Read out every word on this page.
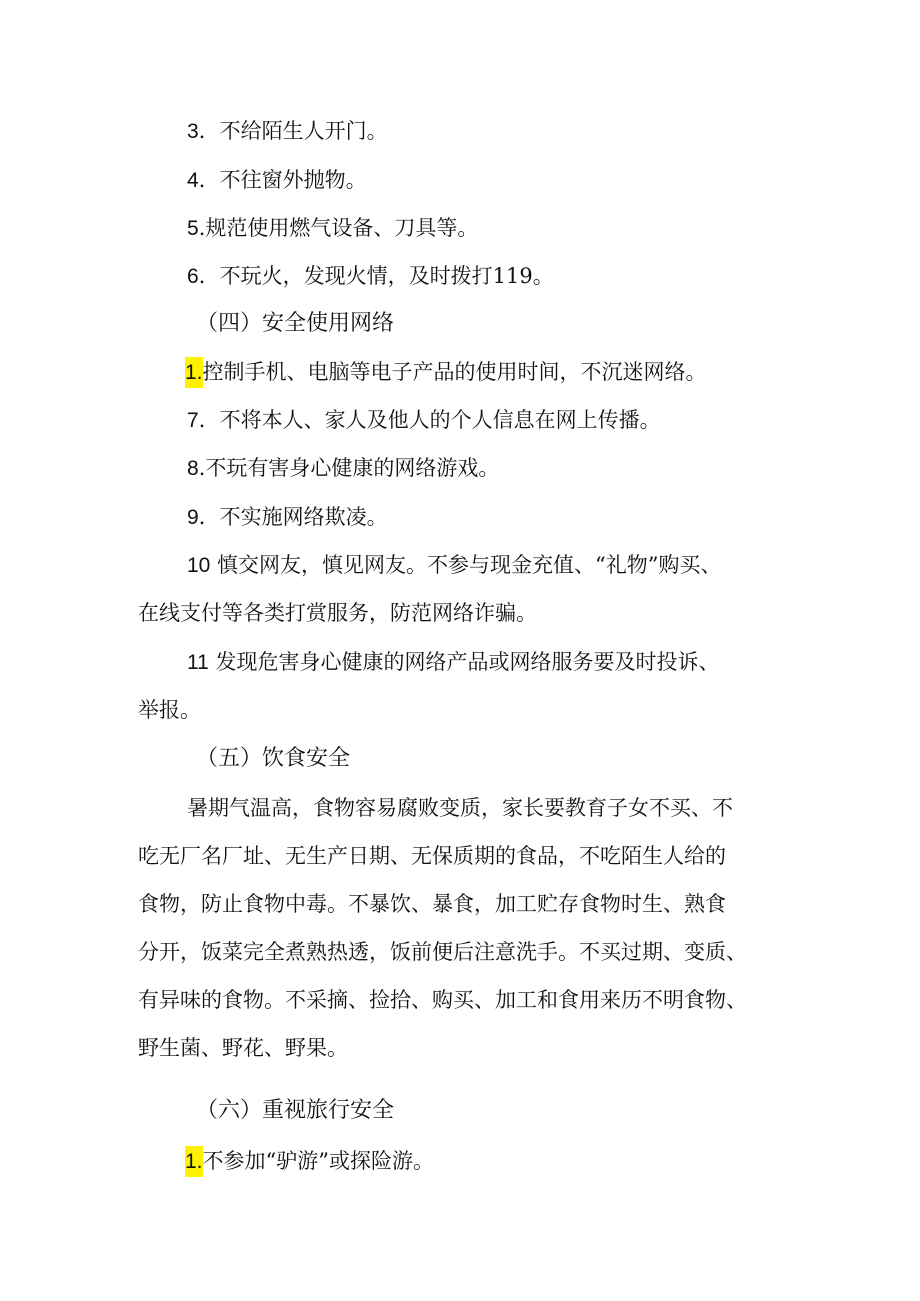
3．不给陌生人开门。
4．不往窗外抛物。
5.规范使用燃气设备、刀具等。
6．不玩火，发现火情，及时拨打119。
（四）安全使用网络
1.控制手机、电脑等电子产品的使用时间，不沉迷网络。
7．不将本人、家人及他人的个人信息在网上传播。
8.不玩有害身心健康的网络游戏。
9．不实施网络欺凌。
10 慎交网友，慎见网友。不参与现金充值、“礼物”购买、
在线支付等各类打赏服务，防范网络诈骗。
11 发现危害身心健康的网络产品或网络服务要及时投诉、
举报。
（五）饮食安全
暑期气温高，食物容易腐败变质，家长要教育子女不买、不
吃无厂名厂址、无生产日期、无保质期的食品，不吃陌生人给的
食物，防止食物中毒。不暴饮、暴食，加工贮存食物时生、熟食
分开，饭菜完全煮熟热透，饭前便后注意洗手。不买过期、变质、
有异味的食物。不采摘、捡拾、购买、加工和食用来历不明食物、
野生菌、野花、野果。
（六）重视旅行安全
1.不参加“驴游”或探险游。
